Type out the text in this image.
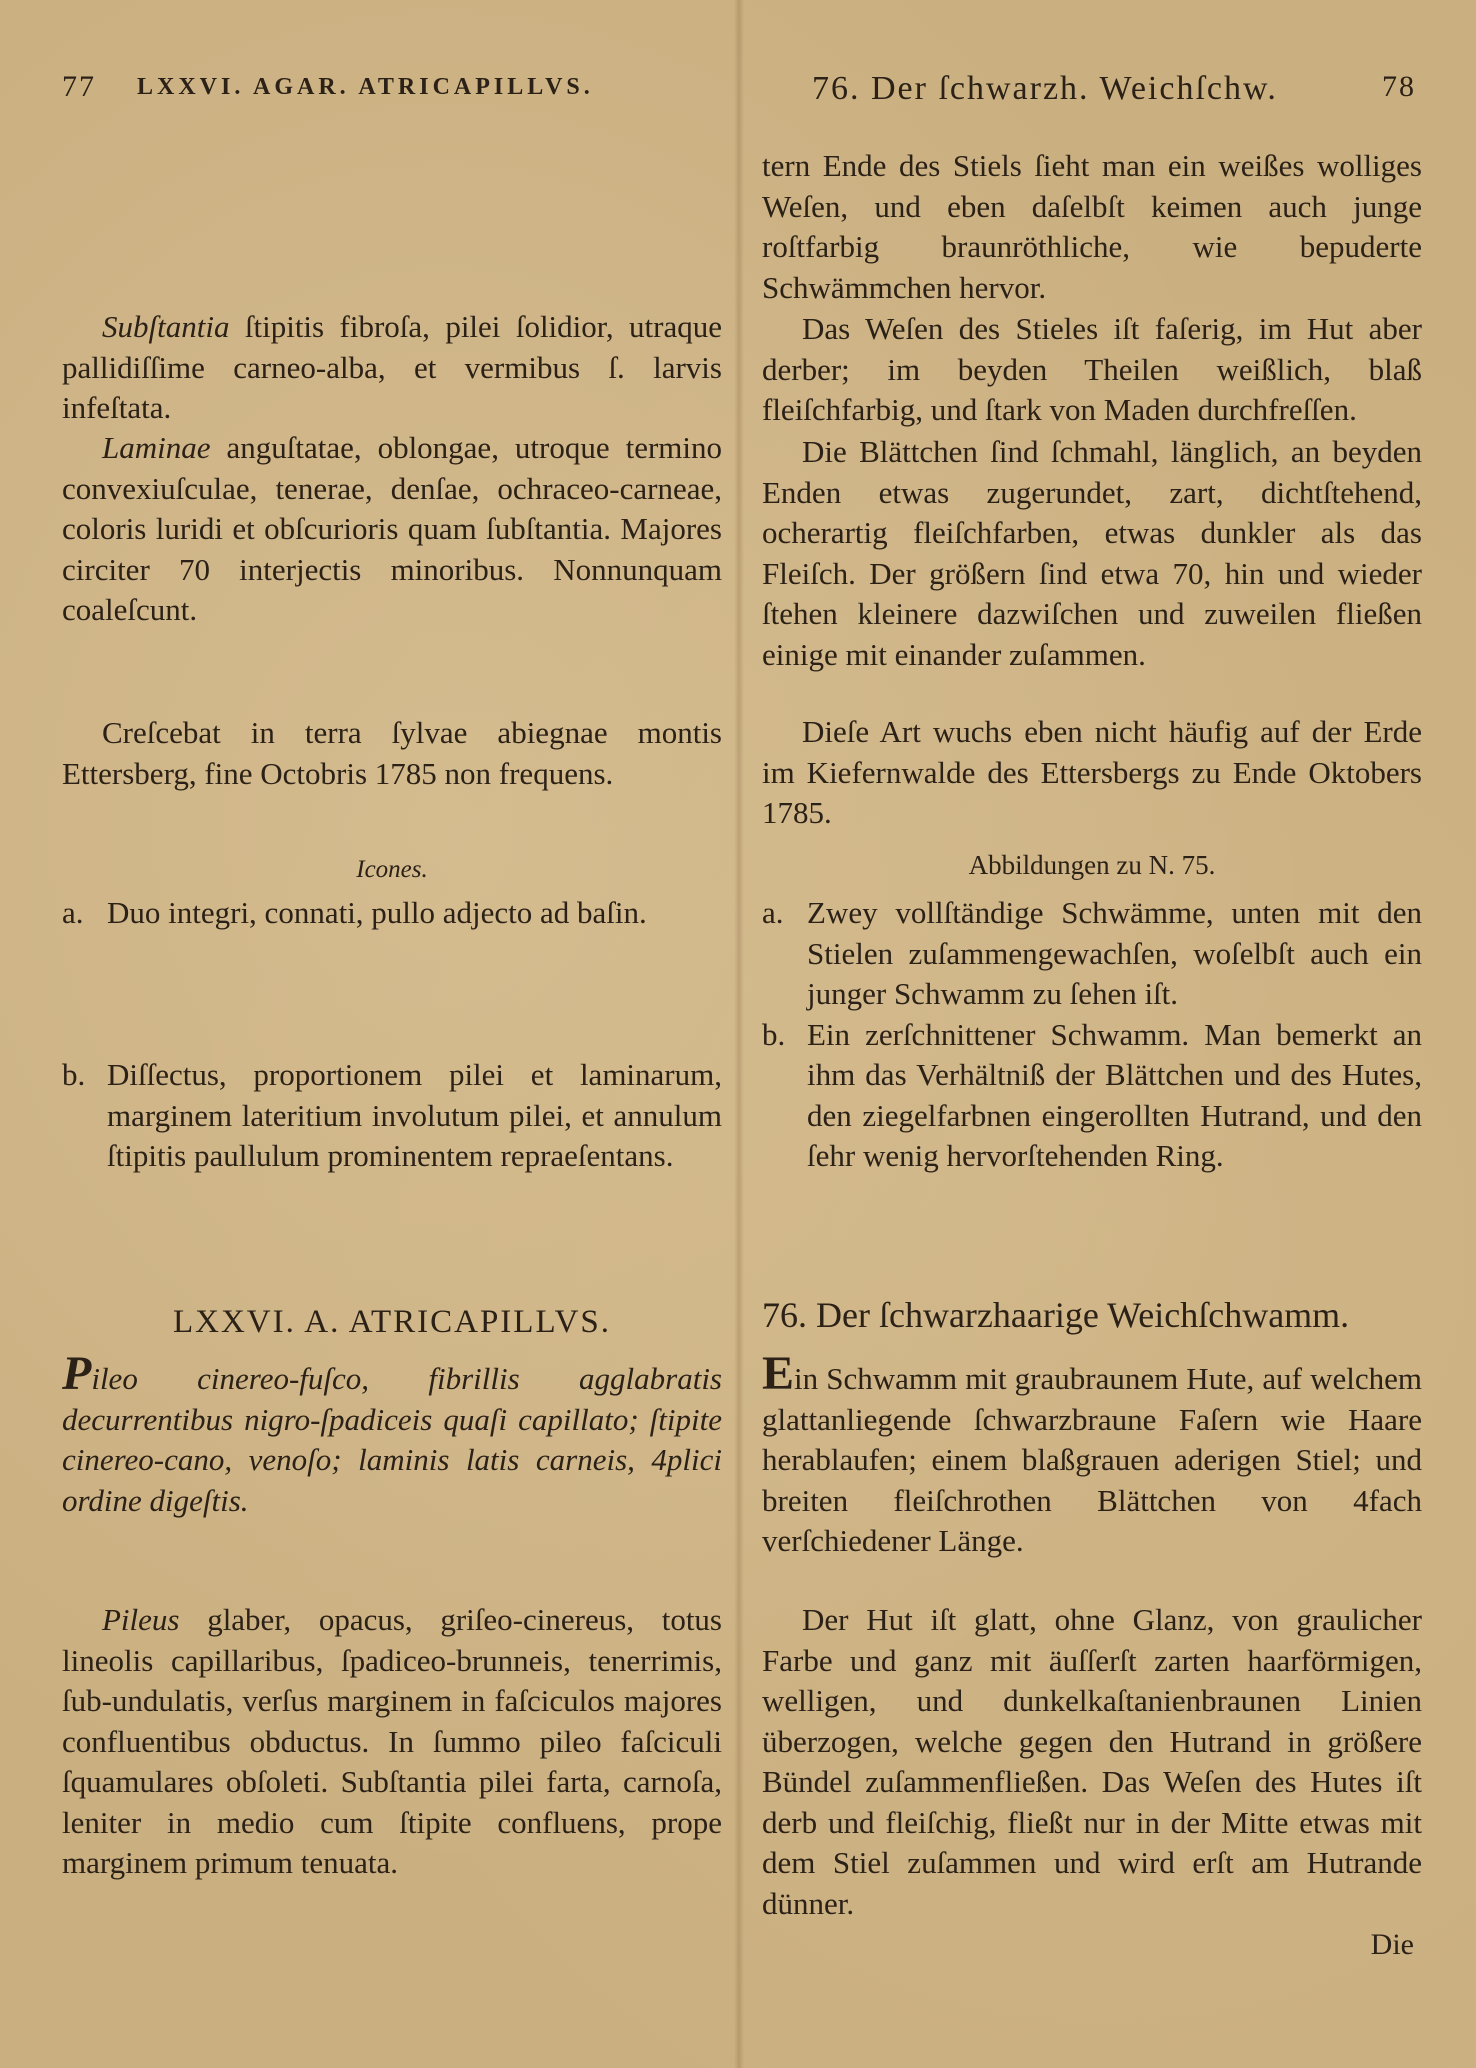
77 LXXVI. AGAR. ATRICAPILLVS.

Subſtantia ſtipitis fibroſa, pilei ſolidior, utraque pallidiſſime carneo-alba, et vermibus ſ. larvis infeſtata.

Laminae anguſtatae, oblongae, utroque termino convexiuſculae, tenerae, denſae, ochraceo-carneae, coloris luridi et obſcurioris quam ſubſtantia. Majores circiter 70 interjectis minoribus. Nonnunquam coaleſcunt.

Creſcebat in terra ſylvae abiegnae montis Ettersberg, fine Octobris 1785 non frequens.

Icones.
a. Duo integri, connati, pullo adjecto ad baſin.
b. Diſſectus, proportionem pilei et laminarum, marginem lateritium involutum pilei, et annulum ſtipitis paullulum prominentem repraeſentans.
LXXVI. A. ATRICAPILLVS.

Pileo cinereo-fuſco, fibrillis agglabratis decurrentibus nigro-ſpadiceis quaſi capillato; ſtipite cinereo-cano, venoſo; laminis latis carneis, 4plici ordine digeſtis.

Pileus glaber, opacus, griſeo-cinereus, totus lineolis capillaribus, ſpadiceo-brunneis, tenerrimis, ſub-undulatis, verſus marginem in faſciculos majores confluentibus obductus. In ſummo pileo faſciculi ſquamulares obſoleti. Subſtantia pilei farta, carnoſa, leniter in medio cum ſtipite confluens, prope marginem primum tenuata.

76. Der ſchwarzh. Weichſchw.	78

tern Ende des Stiels ſieht man ein weißes wolliges Weſen, und eben daſelbſt keimen auch junge roſtfarbig braunröthliche, wie bepuderte Schwämmchen hervor.

Das Weſen des Stieles iſt faſerig, im Hut aber derber; im beyden Theilen weißlich, blaß fleiſchfarbig, und ſtark von Maden durchfreſſen.

Die Blättchen ſind ſchmahl, länglich, an beyden Enden etwas zugerundet, zart, dichtſtehend, ocherartig fleiſchfarben, etwas dunkler als das Fleiſch. Der größern ſind etwa 70, hin und wieder ſtehen kleinere dazwiſchen und zuweilen fließen einige mit einander zuſammen.

Dieſe Art wuchs eben nicht häufig auf der Erde im Kiefernwalde des Ettersbergs zu Ende Oktobers 1785.

Abbildungen zu N. 75.
a. Zwey vollſtändige Schwämme, unten mit den Stielen zuſammengewachſen, woſelbſt auch ein junger Schwamm zu ſehen iſt.
b. Ein zerſchnittener Schwamm. Man bemerkt an ihm das Verhältniß der Blättchen und des Hutes, den ziegelfarbnen eingerollten Hutrand, und den ſehr wenig hervorſtehenden Ring.
76. Der ſchwarzhaarige Weichſchwamm.

Ein Schwamm mit graubraunem Hute, auf welchem glattanliegende ſchwarzbraune Faſern wie Haare herablaufen; einem blaßgrauen aderigen Stiel; und breiten fleiſchrothen Blättchen von 4fach verſchiedener Länge.

Der Hut iſt glatt, ohne Glanz, von graulicher Farbe und ganz mit äuſſerſt zarten haarförmigen, welligen, und dunkelkaſtanienbraunen Linien überzogen, welche gegen den Hutrand in größere Bündel zuſammenfließen. Das Weſen des Hutes iſt derb und fleiſchig, fließt nur in der Mitte etwas mit dem Stiel zuſammen und wird erſt am Hutrande dünner.

Die
